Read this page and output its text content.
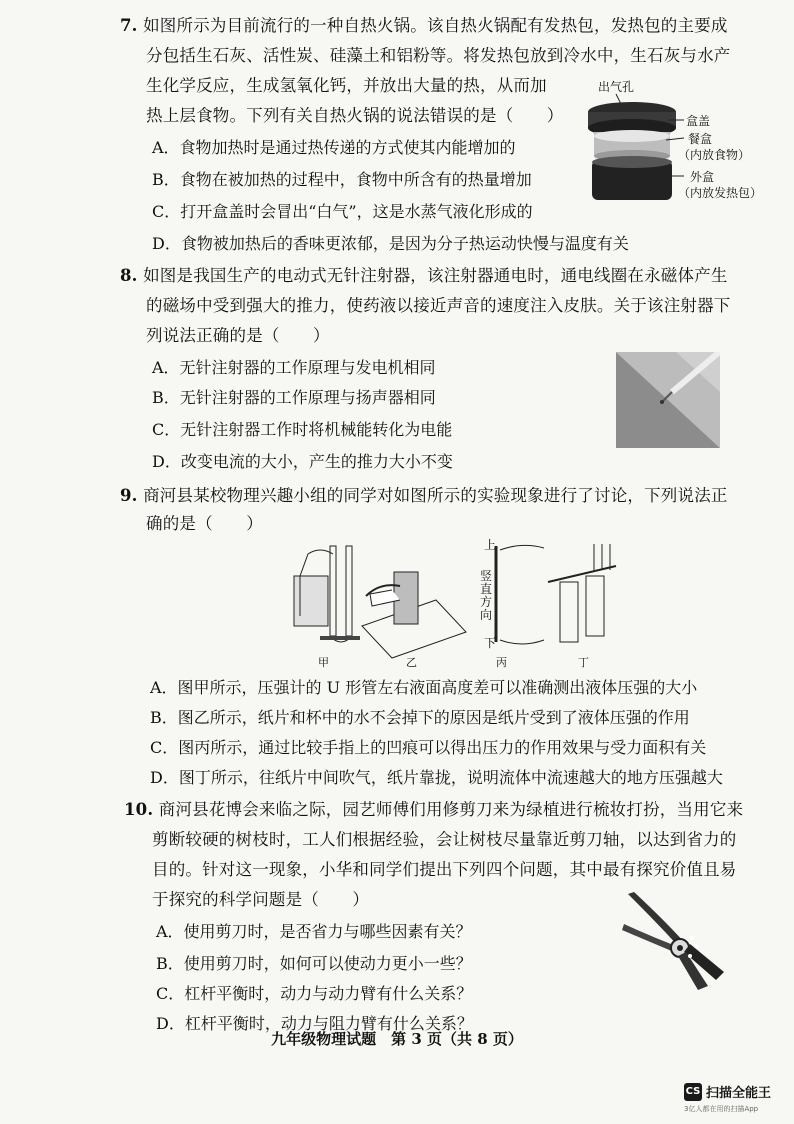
7. 如图所示为目前流行的一种自热火锅。该自热火锅配有发热包，发热包的主要成
分包括生石灰、活性炭、硅藻土和铝粉等。将发热包放到冷水中，生石灰与水产
生化学反应，生成氢氧化钙，并放出大量的热，从而加
热上层食物。下列有关自热火锅的说法错误的是（　　）
A．食物加热时是通过热传递的方式使其内能增加的
B．食物在被加热的过程中，食物中所含有的热量增加
C．打开盒盖时会冒出“白气”，这是水蒸气液化形成的
D．食物被加热后的香味更浓郁，是因为分子热运动快慢与温度有关
出气孔
盒盖
餐盒
（内放食物）
外盒
（内放发热包）
8. 如图是我国生产的电动式无针注射器，该注射器通电时，通电线圈在永磁体产生
的磁场中受到强大的推力，使药液以接近声音的速度注入皮肤。关于该注射器下
列说法正确的是（　　）
A．无针注射器的工作原理与发电机相同
B．无针注射器的工作原理与扬声器相同
C．无针注射器工作时将机械能转化为电能
D．改变电流的大小，产生的推力大小不变
9. 商河县某校物理兴趣小组的同学对如图所示的实验现象进行了讨论，下列说法正
确的是（　　）
上
下
竖直方向
甲	乙	丙	丁
A．图甲所示，压强计的 U 形管左右液面高度差可以准确测出液体压强的大小
B．图乙所示，纸片和杯中的水不会掉下的原因是纸片受到了液体压强的作用
C．图丙所示，通过比较手指上的凹痕可以得出压力的作用效果与受力面积有关
D．图丁所示，往纸片中间吹气，纸片靠拢，说明流体中流速越大的地方压强越大
10. 商河县花博会来临之际，园艺师傅们用修剪刀来为绿植进行梳妆打扮，当用它来
剪断较硬的树枝时，工人们根据经验，会让树枝尽量靠近剪刀轴，以达到省力的
目的。针对这一现象，小华和同学们提出下列四个问题，其中最有探究价值且易
于探究的科学问题是（　　）
A．使用剪刀时，是否省力与哪些因素有关？
B．使用剪刀时，如何可以使动力更小一些？
C．杠杆平衡时，动力与动力臂有什么关系？
D．杠杆平衡时，动力与阻力臂有什么关系？
九年级物理试题　第 3 页（共 8 页）
CS 扫描全能王
3亿人都在用的扫描App
